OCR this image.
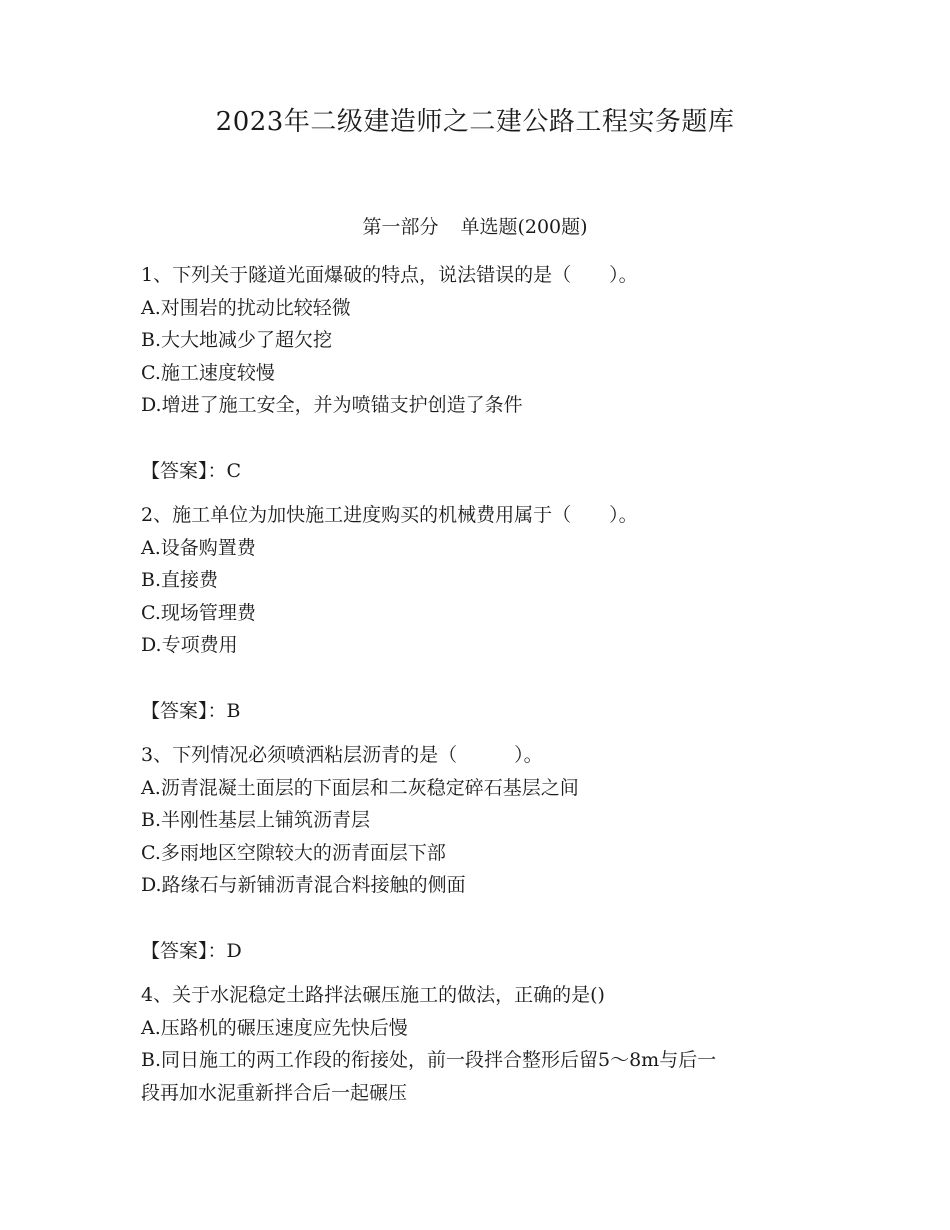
2023年二级建造师之二建公路工程实务题库
第一部分 单选题(200题)
1、下列关于隧道光面爆破的特点，说法错误的是（　　）。
A.对围岩的扰动比较轻微
B.大大地减少了超欠挖
C.施工速度较慢
D.增进了施工安全，并为喷锚支护创造了条件
【答案】：C
2、施工单位为加快施工进度购买的机械费用属于（　　）。
A.设备购置费
B.直接费
C.现场管理费
D.专项费用
【答案】：B
3、下列情况必须喷洒粘层沥青的是（　　　）。
A.沥青混凝土面层的下面层和二灰稳定碎石基层之间
B.半刚性基层上铺筑沥青层
C.多雨地区空隙较大的沥青面层下部
D.路缘石与新铺沥青混合料接触的侧面
【答案】：D
4、关于水泥稳定土路拌法碾压施工的做法，正确的是()
A.压路机的碾压速度应先快后慢
B.同日施工的两工作段的衔接处，前一段拌合整形后留5～8m与后一
段再加水泥重新拌合后一起碾压
